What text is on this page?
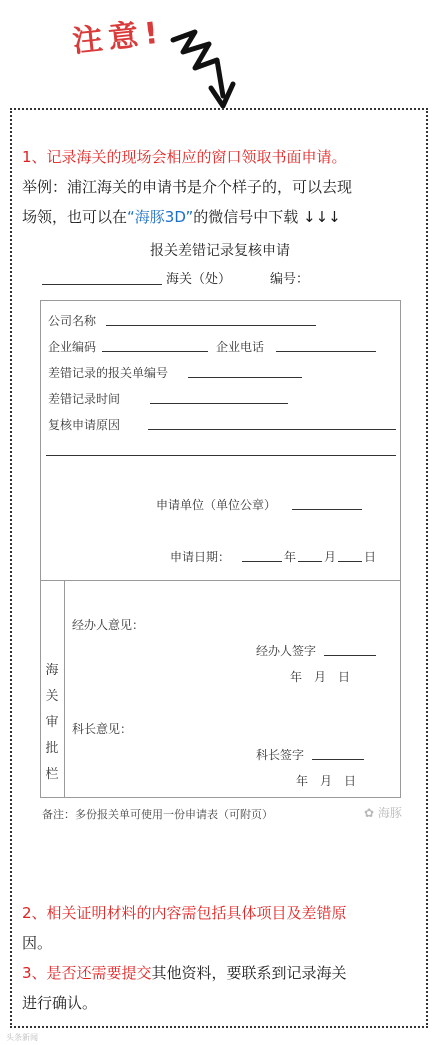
注意!
1、记录海关的现场会相应的窗口领取书面申请。
举例：浦江海关的申请书是介个样子的，可以去现
场领，也可以在“海豚3D”的微信号中下载 ↓↓↓
报关差错记录复核申请
海关（处）	编号：
公司名称
企业编码	企业电话
差错记录的报关单编号
差错记录时间
复核申请原因
申请单位（单位公章）
申请日期：	年 月 日
海
关
审
批
栏
经办人意见：
经办人签字
年　月　日
科长意见：
科长签字
年　月　日
备注：多份报关单可使用一份申请表（可附页）	✿ 海豚
2、相关证明材料的内容需包括具体项目及差错原
因。
3、是否还需要提交其他资料，要联系到记录海关
进行确认。
头条新闻
